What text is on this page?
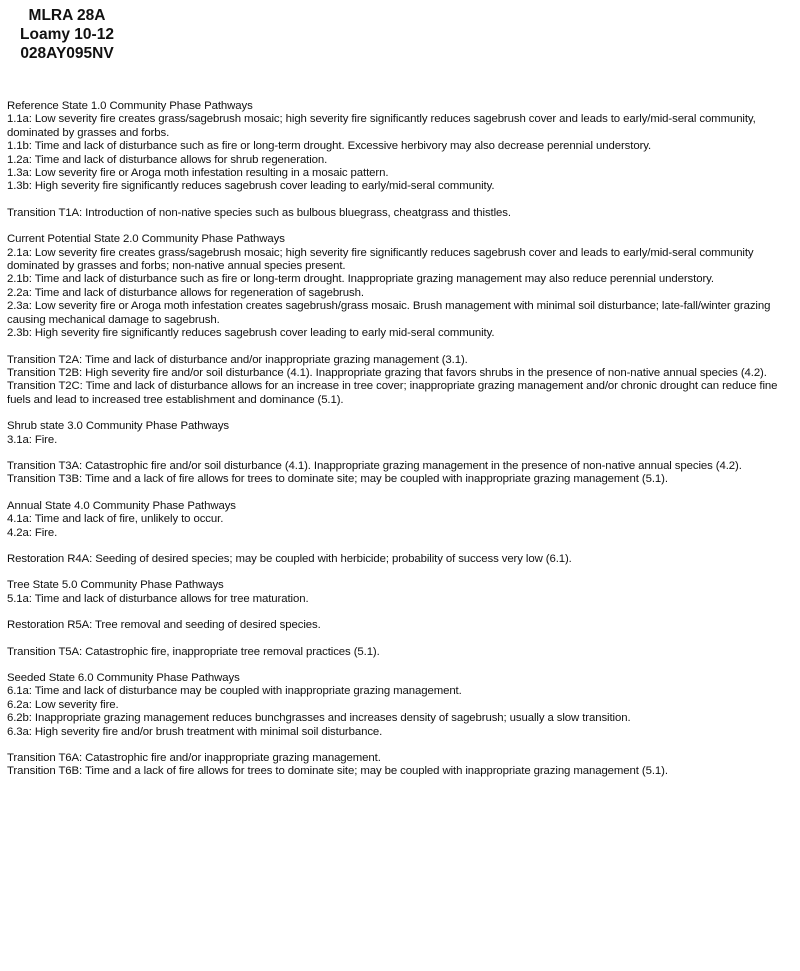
MLRA 28A
Loamy 10-12
028AY095NV
Reference State 1.0 Community Phase Pathways
1.1a: Low severity fire creates grass/sagebrush mosaic; high severity fire significantly reduces sagebrush cover and leads to early/mid-seral community, dominated by grasses and forbs.
1.1b: Time and lack of disturbance such as fire or long-term drought. Excessive herbivory may also decrease perennial understory.
1.2a: Time and lack of disturbance allows for shrub regeneration.
1.3a: Low severity fire or Aroga moth infestation resulting in a mosaic pattern.
1.3b: High severity fire significantly reduces sagebrush cover leading to early/mid-seral community.
Transition T1A: Introduction of non-native species such as bulbous bluegrass, cheatgrass and thistles.
Current Potential State 2.0 Community Phase Pathways
2.1a: Low severity fire creates grass/sagebrush mosaic; high severity fire significantly reduces sagebrush cover and leads to early/mid-seral community dominated by grasses and forbs; non-native annual species present.
2.1b: Time and lack of disturbance such as fire or long-term drought. Inappropriate grazing management may also reduce perennial understory.
2.2a: Time and lack of disturbance allows for regeneration of sagebrush.
2.3a: Low severity fire or Aroga moth infestation creates sagebrush/grass mosaic. Brush management with minimal soil disturbance; late-fall/winter grazing causing mechanical damage to sagebrush.
2.3b: High severity fire significantly reduces sagebrush cover leading to early mid-seral community.
Transition T2A: Time and lack of disturbance and/or inappropriate grazing management (3.1).
Transition T2B: High severity fire and/or soil disturbance (4.1). Inappropriate grazing that favors shrubs in the presence of non-native annual species (4.2).
Transition T2C: Time and lack of disturbance allows for an increase in tree cover; inappropriate grazing management and/or chronic drought can reduce fine fuels and lead to increased tree establishment and dominance (5.1).
Shrub state 3.0 Community Phase Pathways
3.1a: Fire.
Transition T3A: Catastrophic fire and/or soil disturbance (4.1). Inappropriate grazing management in the presence of non-native annual species (4.2).
Transition T3B: Time and a lack of fire allows for trees to dominate site; may be coupled with inappropriate grazing management (5.1).
Annual State 4.0 Community Phase Pathways
4.1a: Time and lack of fire, unlikely to occur.
4.2a: Fire.
Restoration R4A: Seeding of desired species; may be coupled with herbicide; probability of success very low (6.1).
Tree State 5.0 Community Phase Pathways
5.1a: Time and lack of disturbance allows for tree maturation.
Restoration R5A: Tree removal and seeding of desired species.
Transition T5A: Catastrophic fire, inappropriate tree removal practices (5.1).
Seeded State 6.0 Community Phase Pathways
6.1a: Time and lack of disturbance may be coupled with inappropriate grazing management.
6.2a: Low severity fire.
6.2b: Inappropriate grazing management reduces bunchgrasses and increases density of sagebrush; usually a slow transition.
6.3a: High severity fire and/or brush treatment with minimal soil disturbance.
Transition T6A: Catastrophic fire and/or inappropriate grazing management.
Transition T6B: Time and a lack of fire allows for trees to dominate site; may be coupled with inappropriate grazing management (5.1).
